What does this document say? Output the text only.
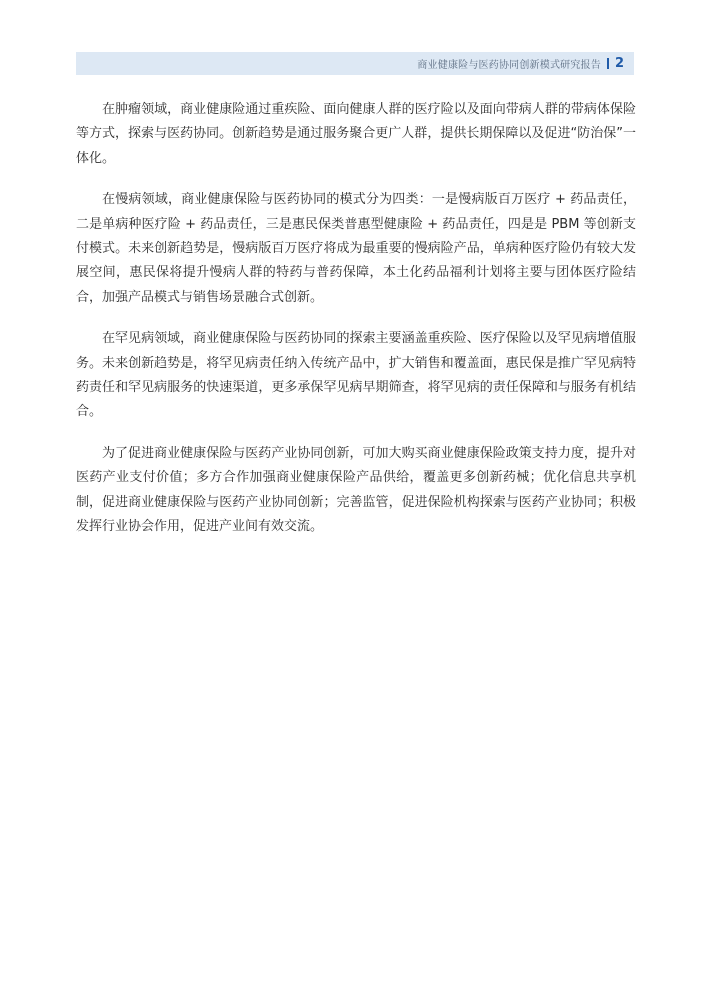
商业健康险与医药协同创新模式研究报告 2

在肿瘤领域，商业健康险通过重疾险、面向健康人群的医疗险以及面向带病人群的带病体保险等方式，探索与医药协同。创新趋势是通过服务聚合更广人群，提供长期保障以及促进“防治保”一体化。

在慢病领域，商业健康保险与医药协同的模式分为四类：一是慢病版百万医疗 + 药品责任，二是单病种医疗险 + 药品责任，三是惠民保类普惠型健康险 + 药品责任，四是是 PBM 等创新支付模式。未来创新趋势是，慢病版百万医疗将成为最重要的慢病险产品，单病种医疗险仍有较大发展空间，惠民保将提升慢病人群的特药与普药保障，本土化药品福利计划将主要与团体医疗险结合，加强产品模式与销售场景融合式创新。

在罕见病领域，商业健康保险与医药协同的探索主要涵盖重疾险、医疗保险以及罕见病增值服务。未来创新趋势是，将罕见病责任纳入传统产品中，扩大销售和覆盖面，惠民保是推广罕见病特药责任和罕见病服务的快速渠道，更多承保罕见病早期筛查，将罕见病的责任保障和与服务有机结合。

为了促进商业健康保险与医药产业协同创新，可加大购买商业健康保险政策支持力度，提升对医药产业支付价值；多方合作加强商业健康保险产品供给，覆盖更多创新药械；优化信息共享机制，促进商业健康保险与医药产业协同创新；完善监管，促进保险机构探索与医药产业协同；积极发挥行业协会作用，促进产业间有效交流。
